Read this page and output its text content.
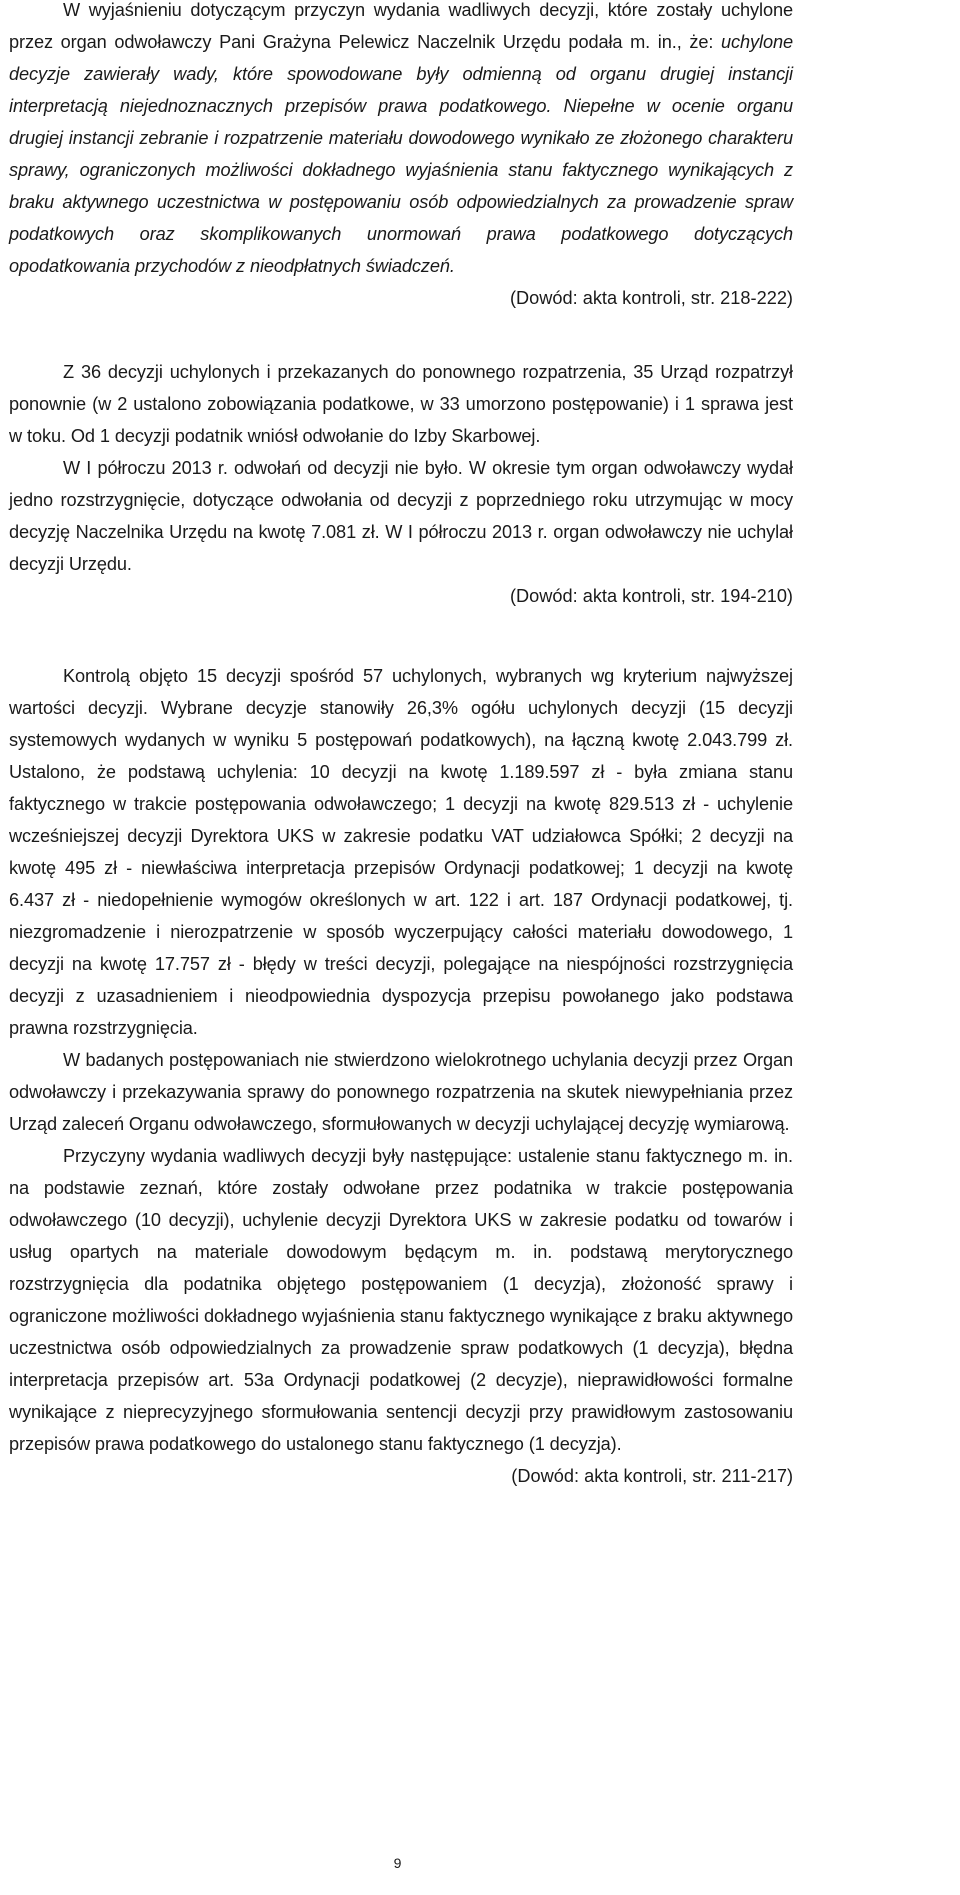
W wyjaśnieniu dotyczącym przyczyn wydania wadliwych decyzji, które zostały uchylone przez organ odwoławczy Pani Grażyna Pelewicz Naczelnik Urzędu podała m. in., że: uchylone decyzje zawierały wady, które spowodowane były odmienną od organu drugiej instancji interpretacją niejednoznacznych przepisów prawa podatkowego. Niepełne w ocenie organu drugiej instancji zebranie i rozpatrzenie materiału dowodowego wynikało ze złożonego charakteru sprawy, ograniczonych możliwości dokładnego wyjaśnienia stanu faktycznego wynikających z braku aktywnego uczestnictwa w postępowaniu osób odpowiedzialnych za prowadzenie spraw podatkowych oraz skomplikowanych unormowań prawa podatkowego dotyczących opodatkowania przychodów z nieodpłatnych świadczeń.

(Dowód: akta kontroli, str. 218-222)

Z 36 decyzji uchylonych i przekazanych do ponownego rozpatrzenia, 35 Urząd rozpatrzył ponownie (w 2 ustalono zobowiązania podatkowe, w 33 umorzono postępowanie) i 1 sprawa jest w toku. Od 1 decyzji podatnik wniósł odwołanie do Izby Skarbowej.

W I półroczu 2013 r. odwołań od decyzji nie było. W okresie tym organ odwoławczy wydał jedno rozstrzygnięcie, dotyczące odwołania od decyzji z poprzedniego roku utrzymując w mocy decyzję Naczelnika Urzędu na kwotę 7.081 zł. W I półroczu 2013 r. organ odwoławczy nie uchylał decyzji Urzędu.

(Dowód: akta kontroli, str. 194-210)

Kontrolą objęto 15 decyzji spośród 57 uchylonych, wybranych wg kryterium najwyższej wartości decyzji. Wybrane decyzje stanowiły 26,3% ogółu uchylonych decyzji (15 decyzji systemowych wydanych w wyniku 5 postępowań podatkowych), na łączną kwotę 2.043.799 zł. Ustalono, że podstawą uchylenia: 10 decyzji na kwotę 1.189.597 zł - była zmiana stanu faktycznego w trakcie postępowania odwoławczego; 1 decyzji na kwotę 829.513 zł - uchylenie wcześniejszej decyzji Dyrektora UKS w zakresie podatku VAT udziałowca Spółki; 2 decyzji na kwotę 495 zł - niewłaściwa interpretacja przepisów Ordynacji podatkowej; 1 decyzji na kwotę 6.437 zł - niedopełnienie wymogów określonych w art. 122 i art. 187 Ordynacji podatkowej, tj. niezgromadzenie i nierozpatrzenie w sposób wyczerpujący całości materiału dowodowego, 1 decyzji na kwotę 17.757 zł - błędy w treści decyzji, polegające na niespójności rozstrzygnięcia decyzji z uzasadnieniem i nieodpowiednia dyspozycja przepisu powołanego jako podstawa prawna rozstrzygnięcia.

W badanych postępowaniach nie stwierdzono wielokrotnego uchylania decyzji przez Organ odwoławczy i przekazywania sprawy do ponownego rozpatrzenia na skutek niewypełniania przez Urząd zaleceń Organu odwoławczego, sformułowanych w decyzji uchylającej decyzję wymiarową.

Przyczyny wydania wadliwych decyzji były następujące: ustalenie stanu faktycznego m. in. na podstawie zeznań, które zostały odwołane przez podatnika w trakcie postępowania odwoławczego (10 decyzji), uchylenie decyzji Dyrektora UKS w zakresie podatku od towarów i usług opartych na materiale dowodowym będącym m. in. podstawą merytorycznego rozstrzygnięcia dla podatnika objętego postępowaniem (1 decyzja), złożoność sprawy i ograniczone możliwości dokładnego wyjaśnienia stanu faktycznego wynikające z braku aktywnego uczestnictwa osób odpowiedzialnych za prowadzenie spraw podatkowych (1 decyzja), błędna interpretacja przepisów art. 53a Ordynacji podatkowej (2 decyzje), nieprawidłowości formalne wynikające z nieprecyzyjnego sformułowania sentencji decyzji przy prawidłowym zastosowaniu przepisów prawa podatkowego do ustalonego stanu faktycznego (1 decyzja).

(Dowód: akta kontroli, str. 211-217)

9
